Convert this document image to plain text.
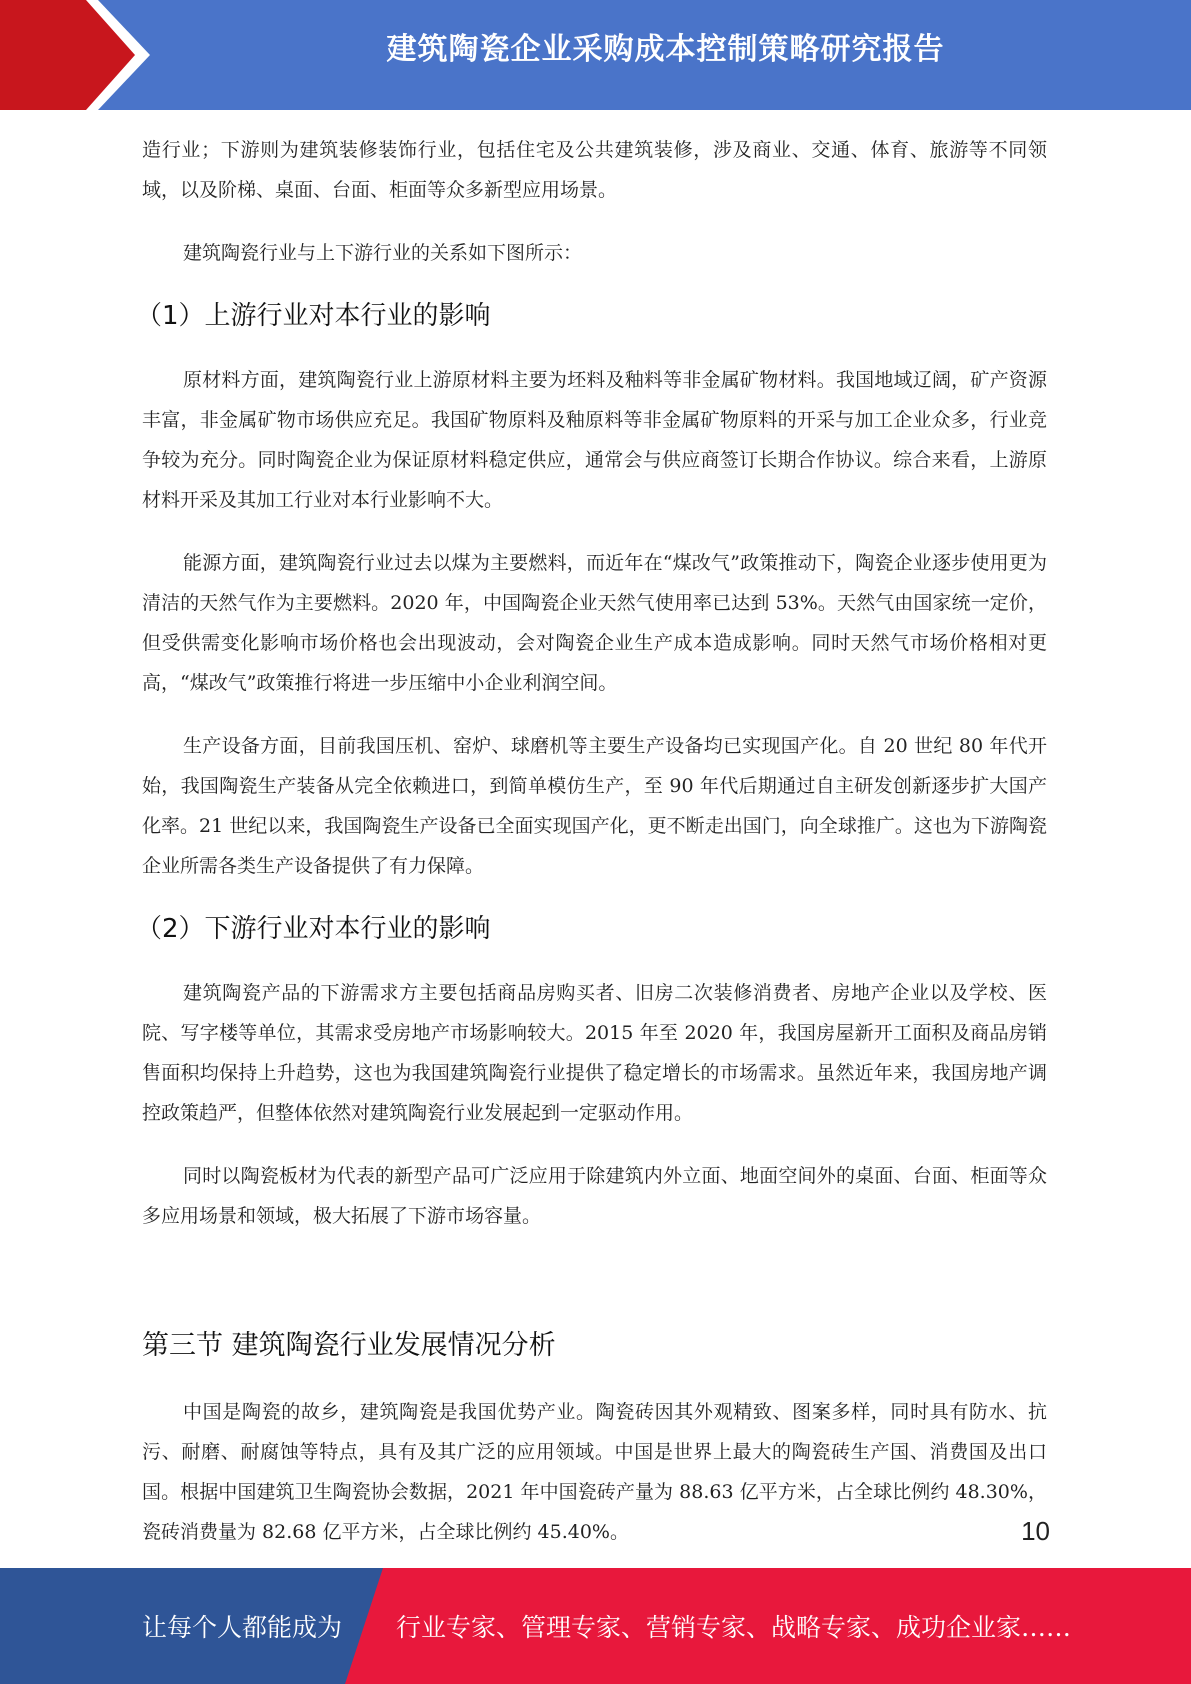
建筑陶瓷企业采购成本控制策略研究报告

造行业；下游则为建筑装修装饰行业，包括住宅及公共建筑装修，涉及商业、交通、体育、旅游等不同领域，以及阶梯、桌面、台面、柜面等众多新型应用场景。

建筑陶瓷行业与上下游行业的关系如下图所示：

（1）上游行业对本行业的影响

原材料方面，建筑陶瓷行业上游原材料主要为坯料及釉料等非金属矿物材料。我国地域辽阔，矿产资源丰富，非金属矿物市场供应充足。我国矿物原料及釉原料等非金属矿物原料的开采与加工企业众多，行业竞争较为充分。同时陶瓷企业为保证原材料稳定供应，通常会与供应商签订长期合作协议。综合来看，上游原材料开采及其加工行业对本行业影响不大。

能源方面，建筑陶瓷行业过去以煤为主要燃料，而近年在“煤改气”政策推动下，陶瓷企业逐步使用更为清洁的天然气作为主要燃料。2020 年，中国陶瓷企业天然气使用率已达到 53%。天然气由国家统一定价，但受供需变化影响市场价格也会出现波动，会对陶瓷企业生产成本造成影响。同时天然气市场价格相对更高，“煤改气”政策推行将进一步压缩中小企业利润空间。

生产设备方面，目前我国压机、窑炉、球磨机等主要生产设备均已实现国产化。自 20 世纪 80 年代开始，我国陶瓷生产装备从完全依赖进口，到简单模仿生产，至 90 年代后期通过自主研发创新逐步扩大国产化率。21 世纪以来，我国陶瓷生产设备已全面实现国产化，更不断走出国门，向全球推广。这也为下游陶瓷企业所需各类生产设备提供了有力保障。

（2）下游行业对本行业的影响

建筑陶瓷产品的下游需求方主要包括商品房购买者、旧房二次装修消费者、房地产企业以及学校、医院、写字楼等单位，其需求受房地产市场影响较大。2015 年至 2020 年，我国房屋新开工面积及商品房销售面积均保持上升趋势，这也为我国建筑陶瓷行业提供了稳定增长的市场需求。虽然近年来，我国房地产调控政策趋严，但整体依然对建筑陶瓷行业发展起到一定驱动作用。

同时以陶瓷板材为代表的新型产品可广泛应用于除建筑内外立面、地面空间外的桌面、台面、柜面等众多应用场景和领域，极大拓展了下游市场容量。

第三节 建筑陶瓷行业发展情况分析

中国是陶瓷的故乡，建筑陶瓷是我国优势产业。陶瓷砖因其外观精致、图案多样，同时具有防水、抗污、耐磨、耐腐蚀等特点，具有及其广泛的应用领域。中国是世界上最大的陶瓷砖生产国、消费国及出口国。根据中国建筑卫生陶瓷协会数据，2021 年中国瓷砖产量为 88.63 亿平方米，占全球比例约 48.30%，瓷砖消费量为 82.68 亿平方米，占全球比例约 45.40%。	10
让每个人都能成为 行业专家、管理专家、营销专家、战略专家、成功企业家……
